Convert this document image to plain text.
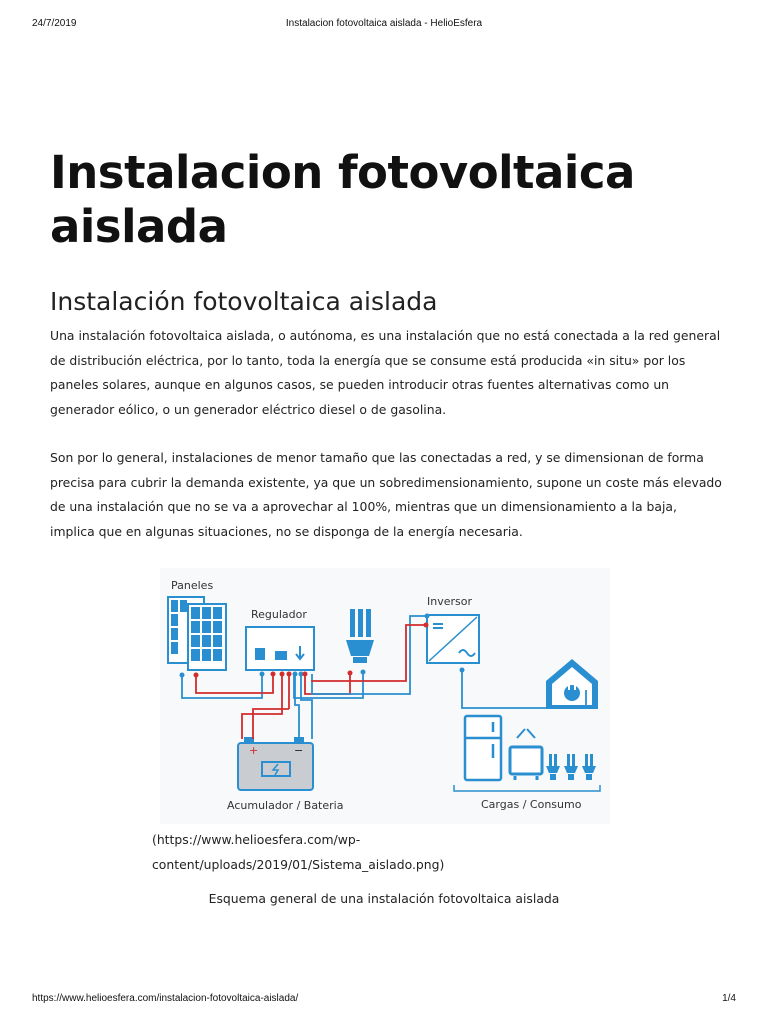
24/7/2019	Instalacion fotovoltaica aislada - HelioEsfera
Instalacion fotovoltaica aislada
Instalación fotovoltaica aislada

Una instalación fotovoltaica aislada, o autónoma, es una instalación que no está conectada a la red general de distribución eléctrica, por lo tanto, toda la energía que se consume está producida «in situ» por los paneles solares, aunque en algunos casos, se pueden introducir otras fuentes alternativas como un generador eólico, o un generador eléctrico diesel o de gasolina.

Son por lo general, instalaciones de menor tamaño que las conectadas a red, y se dimensionan de forma precisa para cubrir la demanda existente, ya que un sobredimensionamiento, supone un coste más elevado de una instalación que no se va a aprovechar al 100%, mientras que un dimensionamiento a la baja, implica que en algunas situaciones, no se disponga de la energía necesaria.

Paneles
Regulador
Inversor
Acumulador / Bateria	Cargas / Consumo
+	−

(https://www.helioesfera.com/wp-content/uploads/2019/01/Sistema_aislado.png)

Esquema general de una instalación fotovoltaica aislada
https://www.helioesfera.com/instalacion-fotovoltaica-aislada/	1/4
